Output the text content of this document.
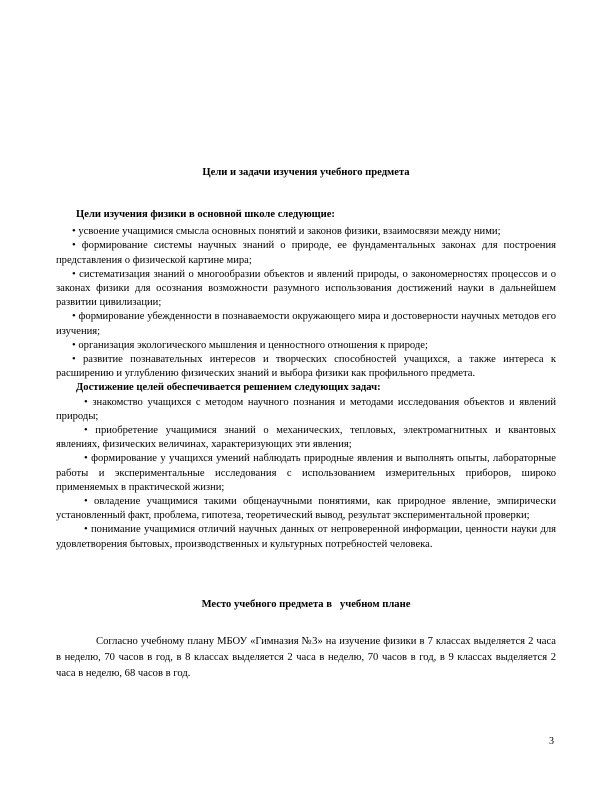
Цели и задачи изучения учебного предмета

Цели изучения физики в основной школе следующие:

• усвоение учащимися смысла основных понятий и законов физики, взаимосвязи между ними;

• формирование системы научных знаний о природе, ее фундаментальных законах для построения представления о физической картине мира;

• систематизация знаний о многообразии объектов и явлений природы, о закономерностях процессов и о законах физики для осознания возможности разумного использования достижений науки в дальнейшем развитии цивилизации;

• формирование убежденности в познаваемости окружающего мира и достоверности научных методов его изучения;

• организация экологического мышления и ценностного отношения к природе;

• развитие познавательных интересов и творческих способностей учащихся, а также интереса к расширению и углублению физических знаний и выбора физики как профильного предмета.

Достижение целей обеспечивается решением следующих задач:

• знакомство учащихся с методом научного познания и методами исследования объектов и явлений природы;

• приобретение учащимися знаний о механических, тепловых, электромагнитных и квантовых явлениях, физических величинах, характеризующих эти явления;

• формирование у учащихся умений наблюдать природные явления и выполнять опыты, лабораторные работы и экспериментальные исследования с использованием измерительных приборов, широко применяемых в практической жизни;

• овладение учащимися такими общенаучными понятиями, как природное явление, эмпирически установленный факт, проблема, гипотеза, теоретический вывод, результат экспериментальной проверки;

• понимание учащимися отличий научных данных от непроверенной информации, ценности науки для удовлетворения бытовых, производственных и культурных потребностей человека.

Место учебного предмета в   учебном плане

Согласно учебному плану МБОУ «Гимназия №3» на изучение физики в 7 классах выделяется 2 часа в неделю, 70 часов в год, в 8 классах выделяется 2 часа в неделю, 70 часов в год, в 9 классах выделяется 2 часа в неделю, 68 часов в год.

3
